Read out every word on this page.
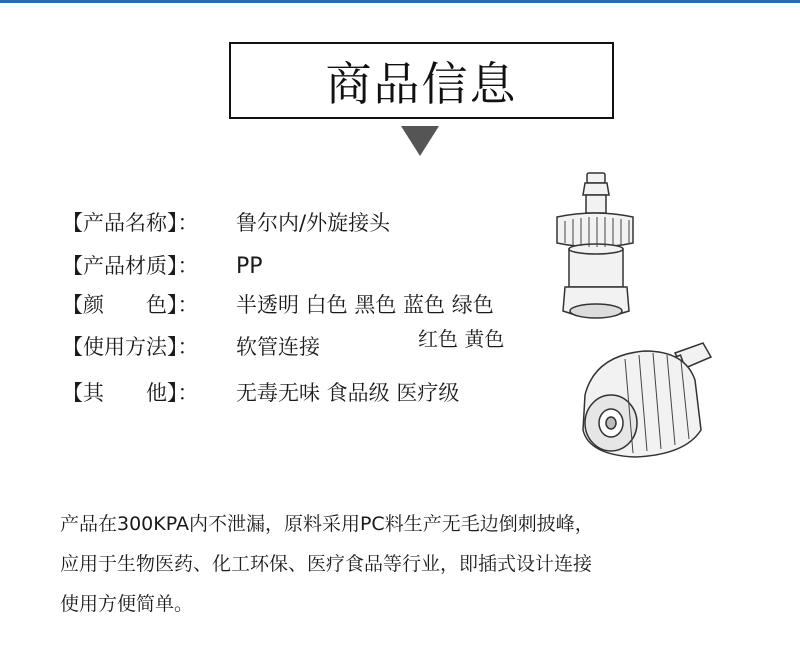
商品信息
【产品名称】： 鲁尔内/外旋接头
【产品材质】： PP
【颜　　色】： 半透明 白色 黑色 蓝色 绿色
红色 黄色
【使用方法】： 软管连接
【其　　他】： 无毒无味 食品级 医疗级
产品在300KPA内不泄漏，原料采用PC料生产无毛边倒刺披峰，
应用于生物医药、化工环保、医疗食品等行业，即插式设计连接
使用方便简单。
